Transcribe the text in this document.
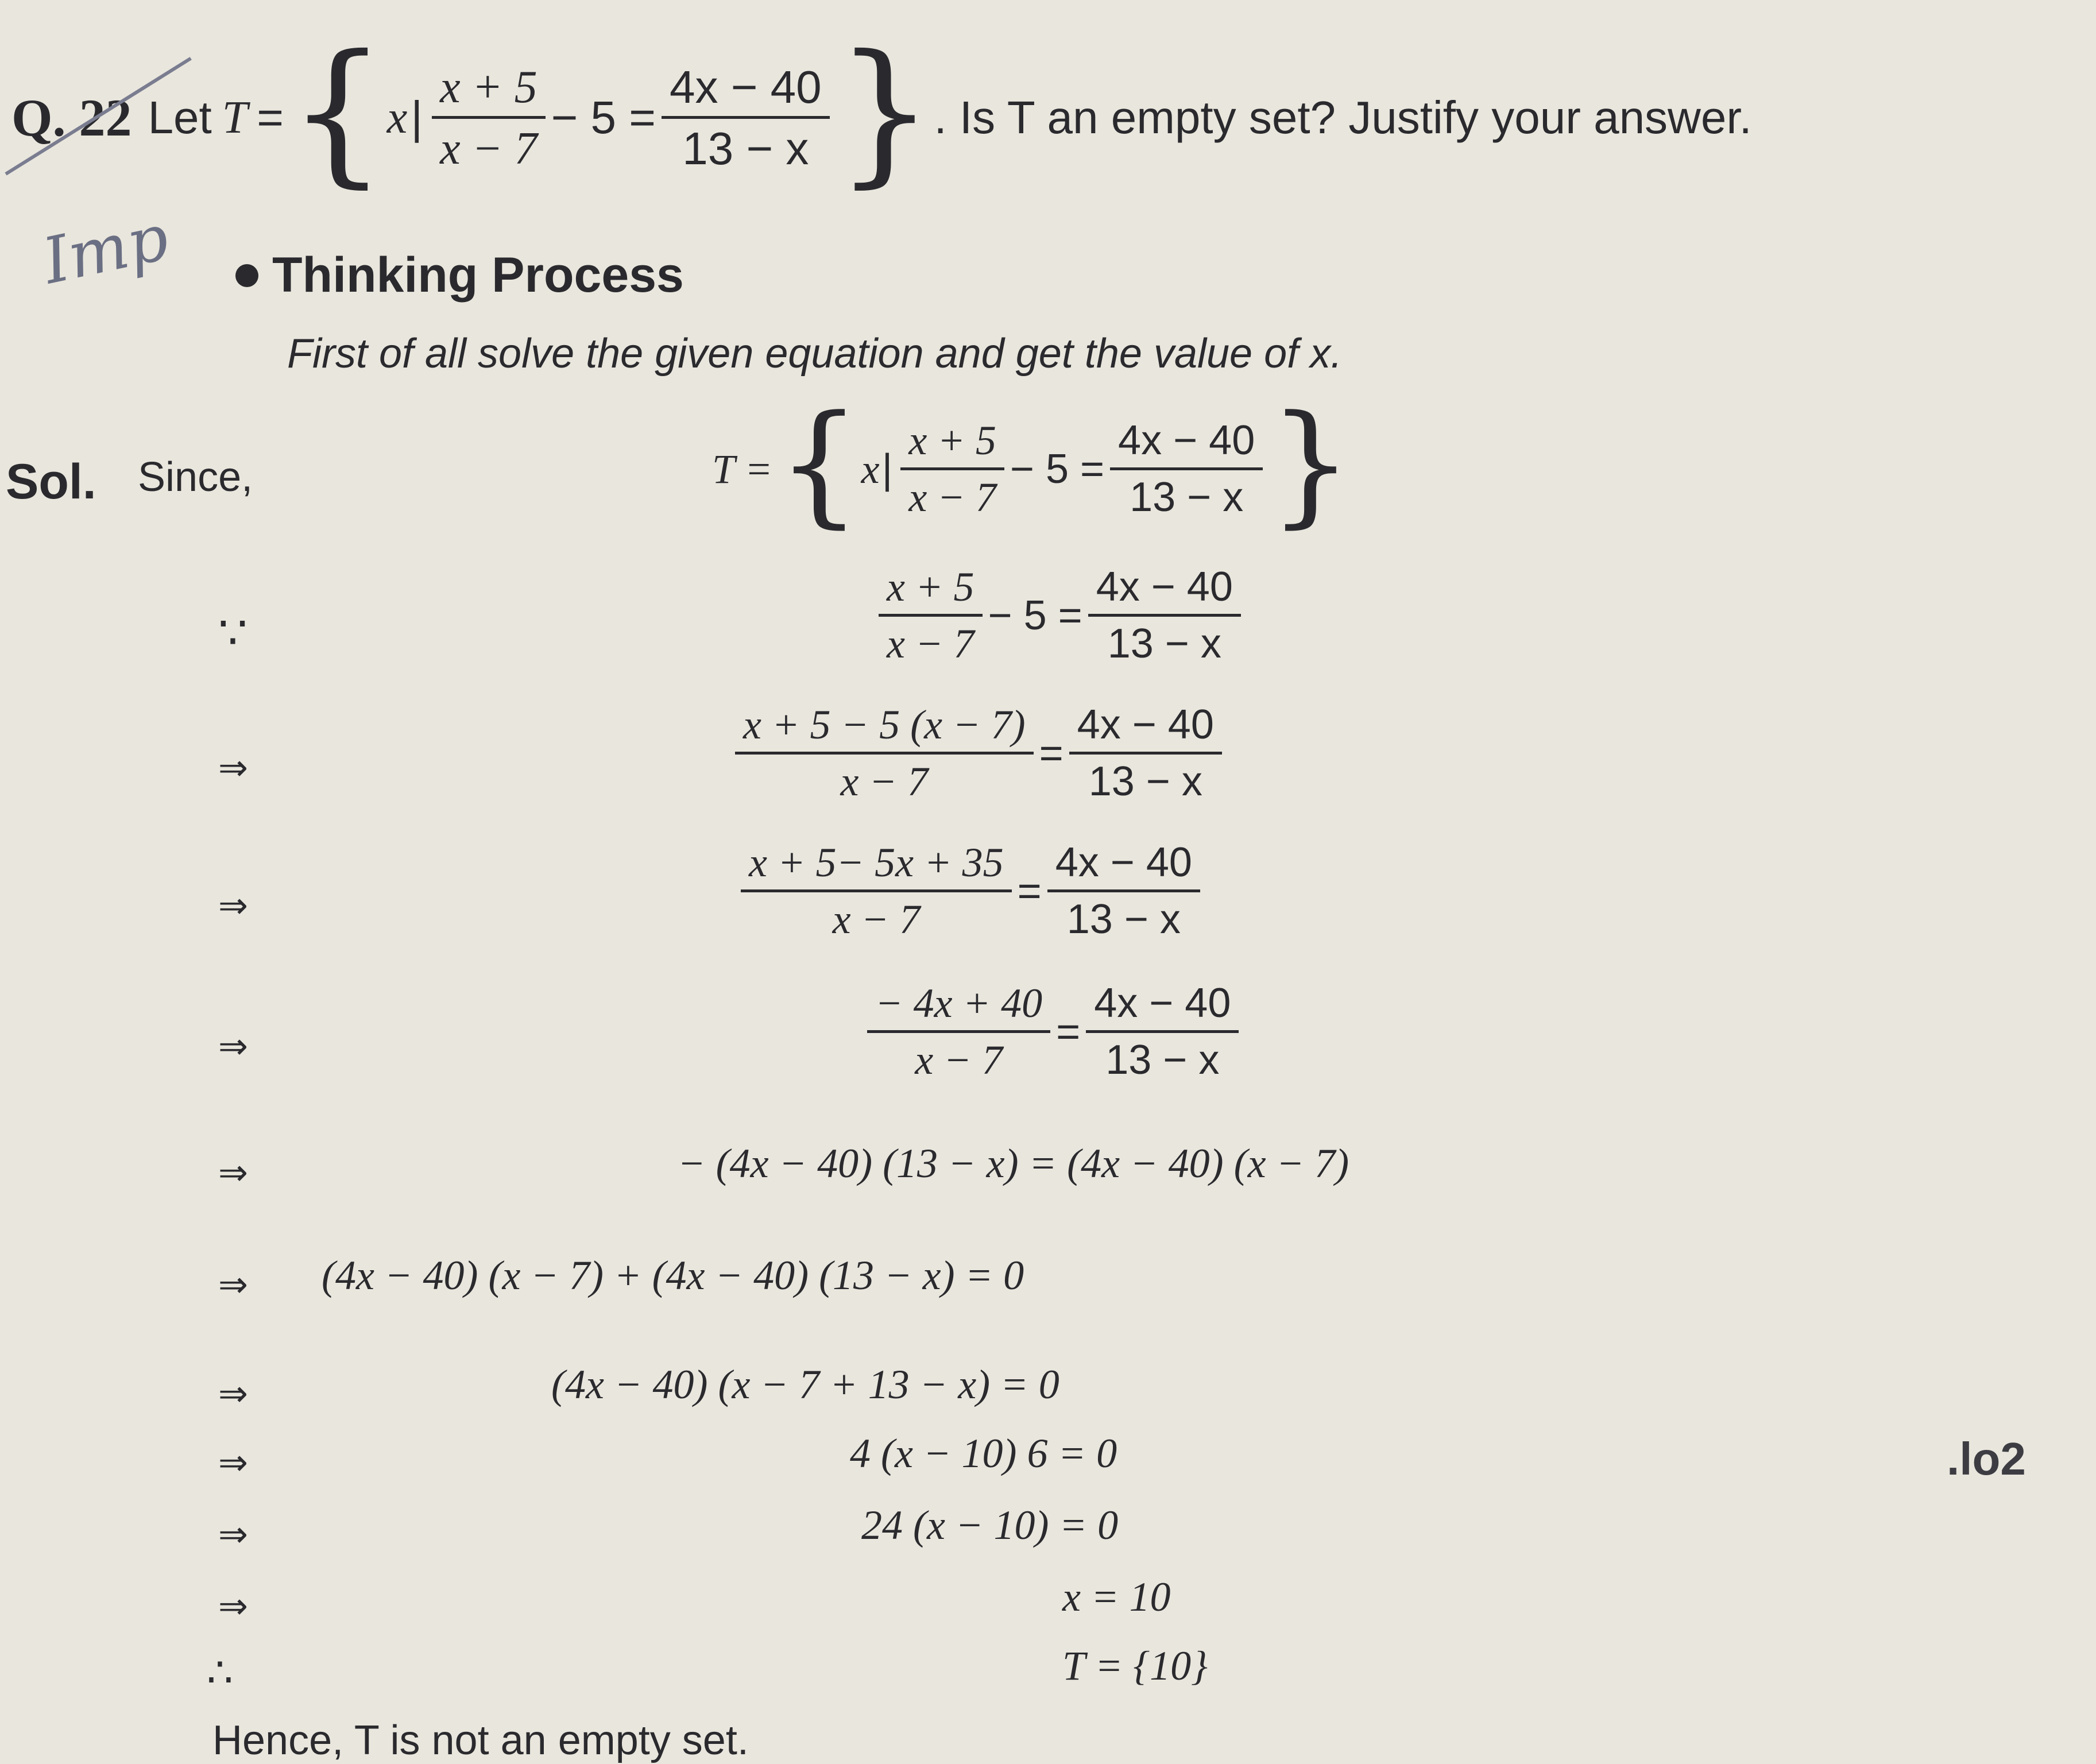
Q. 22 Let T = { x |
x + 5
x − 7
− 5 =
4x − 40
13 − x } . Is T an empty set? Justify your answer.
Imp Thinking Process
First of all solve the given equation and get the value of x.
Sol. Since,	T = { x |
x + 5
x − 7
− 5 =
4x − 40
13 − x }
∵
x + 5
x − 7
− 5 =
4x − 40
13 − x
⇒
x + 5 − 5 (x − 7)
x − 7
=
4x − 40
13 − x
⇒
x + 5− 5x + 35
x − 7
=
4x − 40
13 − x
⇒
− 4x + 40
x − 7
=
4x − 40
13 − x
⇒	− (4x − 40) (13 − x) = (4x − 40) (x − 7)
⇒ (4x − 40) (x − 7) + (4x − 40) (13 − x) = 0
⇒	(4x − 40) (x − 7 + 13 − x) = 0
⇒	4 (x − 10) 6 = 0
⇒	24 (x − 10) = 0
⇒	x = 10
∴	T = {10}
Hence, T is not an empty set.
.lo2
